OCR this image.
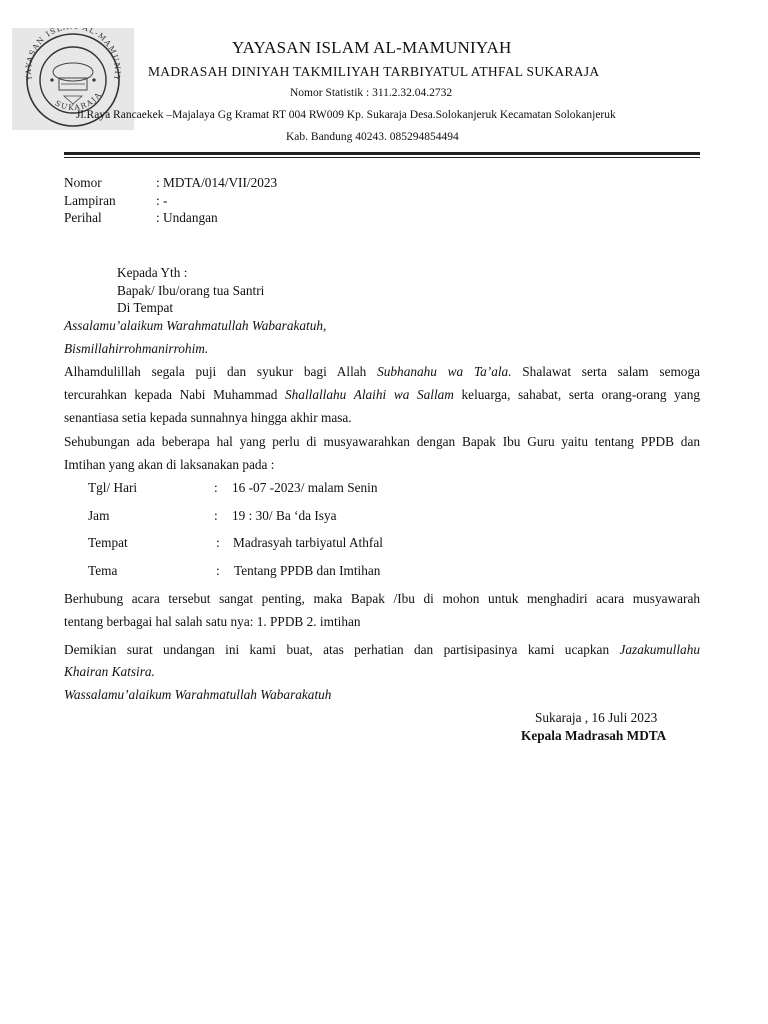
YAYASAN ISL AL-MAMUNIY
SUKARAJA
YAYASAN ISLAM AL-MAMUNIYAH
MADRASAH DINIYAH TAKMILIYAH TARBIYATUL ATHFAL SUKARAJA
Nomor Statistik : 311.2.32.04.2732
Jl.Raya Rancaekek –Majalaya Gg Kramat RT 004 RW009 Kp. Sukaraja Desa.Solokanjeruk Kecamatan Solokanjeruk
Kab. Bandung 40243. 085294854494
Nomor	: MDTA/014/VII/2023
Lampiran	: -
Perihal	: Undangan
Kepada Yth :
Bapak/ Ibu/orang tua Santri
Di Tempat
Assalamu’alaikum Warahmatullah Wabarakatuh,
Bismillahirrohmanirrohim.
Alhamdulillah segala puji dan syukur bagi Allah Subhanahu wa Ta’ala. Shalawat serta salam semoga
tercurahkan kepada Nabi Muhammad Shallallahu Alaihi wa Sallam keluarga, sahabat, serta orang-orang yang
senantiasa setia kepada sunnahnya hingga akhir masa.
Sehubungan ada beberapa hal yang perlu di musyawarahkan dengan Bapak Ibu Guru yaitu tentang PPDB dan
Imtihan yang akan di laksanakan pada :
Tgl/ Hari	: 16 -07 -2023/ malam Senin
Jam	: 19 : 30/ Ba ‘da Isya
Tempat	: Madrasyah tarbiyatul Athfal
Tema	: Tentang PPDB dan Imtihan
Berhubung acara tersebut sangat penting, maka Bapak /Ibu di mohon untuk menghadiri acara musyawarah
tentang berbagai hal salah satu nya: 1. PPDB 2. imtihan
Demikian surat undangan ini kami buat, atas perhatian dan partisipasinya kami ucapkan Jazakumullahu
Khairan Katsira.
Wassalamu’alaikum Warahmatullah Wabarakatuh
Sukaraja , 16 Juli 2023
Kepala Madrasah MDTA
